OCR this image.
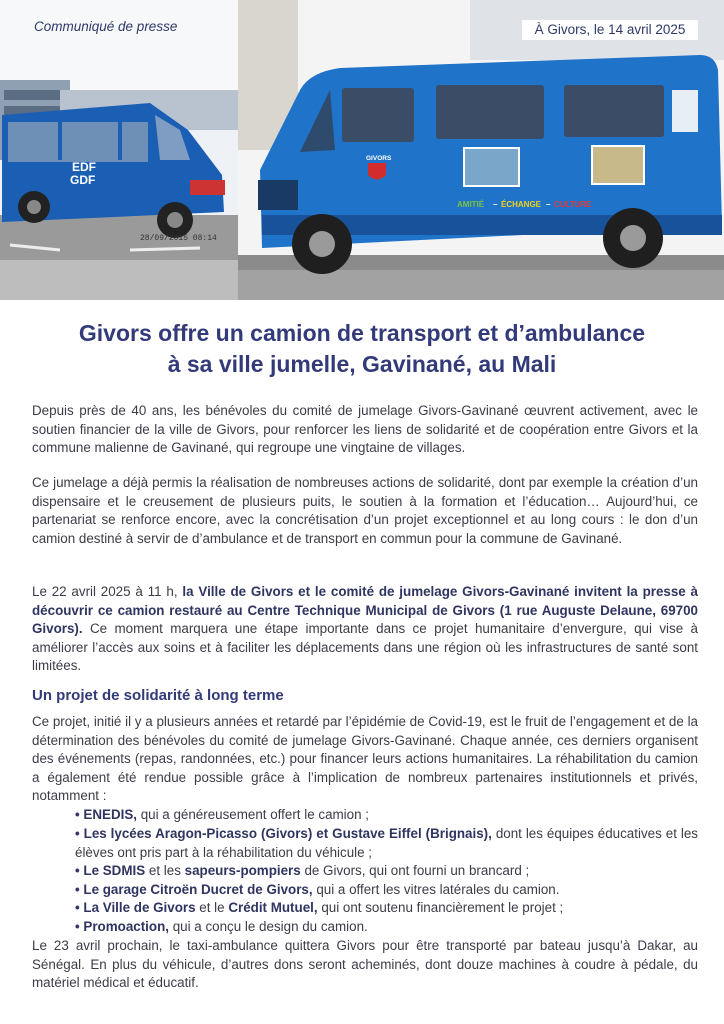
EDF
GDF
28/09/2015 08:14
GIVORS
AMITIÉ – ÉCHANGE – CULTURE
Communiqué de presse	À Givors, le 14 avril 2025
Givors offre un camion de transport et d’ambulance
à sa ville jumelle, Gavinané, au Mali

Depuis près de 40 ans, les bénévoles du comité de jumelage Givors-Gavinané œuvrent activement, avec le soutien financier de la ville de Givors, pour renforcer les liens de solidarité et de coopération entre Givors et la commune malienne de Gavinané, qui regroupe une vingtaine de villages.

Ce jumelage a déjà permis la réalisation de nombreuses actions de solidarité, dont par exemple la création d’un dispensaire et le creusement de plusieurs puits, le soutien à la formation et l’éducation… Aujourd’hui, ce partenariat se renforce encore, avec la concrétisation d’un projet exceptionnel et au long cours : le don d’un camion destiné à servir de d’ambulance et de transport en commun pour la commune de Gavinané.

Le 22 avril 2025 à 11 h, la Ville de Givors et le comité de jumelage Givors-Gavinané invitent la presse à découvrir ce camion restauré au Centre Technique Municipal de Givors (1 rue Auguste Delaune, 69700 Givors). Ce moment marquera une étape importante dans ce projet humanitaire d’envergure, qui vise à améliorer l’accès aux soins et à faciliter les déplacements dans une région où les infrastructures de santé sont limitées.

Un projet de solidarité à long terme

Ce projet, initié il y a plusieurs années et retardé par l’épidémie de Covid-19, est le fruit de l’engagement et de la détermination des bénévoles du comité de jumelage Givors-Gavinané. Chaque année, ces derniers organisent des événements (repas, randonnées, etc.) pour financer leurs actions humanitaires. La réhabilitation du camion a également été rendue possible grâce à l’implication de nombreux partenaires institutionnels et privés, notamment :

• ENEDIS, qui a généreusement offert le camion ;

• Les lycées Aragon-Picasso (Givors) et Gustave Eiffel (Brignais), dont les équipes éducatives et les élèves ont pris part à la réhabilitation du véhicule ;

• Le SDMIS et les sapeurs-pompiers de Givors, qui ont fourni un brancard ;

• Le garage Citroën Ducret de Givors, qui a offert les vitres latérales du camion.

• La Ville de Givors et le Crédit Mutuel, qui ont soutenu financièrement le projet ;

• Promoaction, qui a conçu le design du camion.

Le 23 avril prochain, le taxi-ambulance quittera Givors pour être transporté par bateau jusqu’à Dakar, au Sénégal. En plus du véhicule, d’autres dons seront acheminés, dont douze machines à coudre à pédale, du matériel médical et éducatif.
